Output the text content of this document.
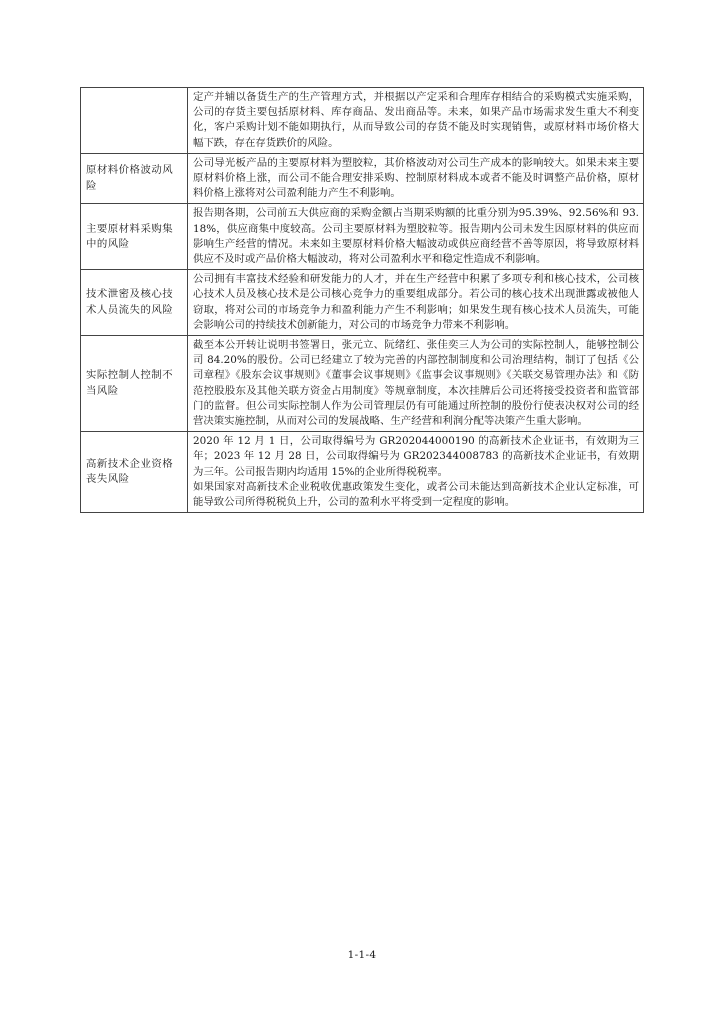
	定产并辅以备货生产的生产管理方式，并根据以产定采和合理库存相结合的采购模式实施采购，公司的存货主要包括原材料、库存商品、发出商品等。未来，如果产品市场需求发生重大不利变化，客户采购计划不能如期执行，从而导致公司的存货不能及时实现销售，或原材料市场价格大幅下跌，存在存货跌价的风险。

原材料价格波动风险	公司导光板产品的主要原材料为塑胶粒，其价格波动对公司生产成本的影响较大。如果未来主要原材料价格上涨，而公司不能合理安排采购、控制原材料成本或者不能及时调整产品价格，原材料价格上涨将对公司盈利能力产生不利影响。

主要原材料采购集中的风险	报告期各期，公司前五大供应商的采购金额占当期采购额的比重分别为95.39%、92.56%和 93.18%，供应商集中度较高。公司主要原材料为塑胶粒等。报告期内公司未发生因原材料的供应而影响生产经营的情况。未来如主要原材料价格大幅波动或供应商经营不善等原因，将导致原材料供应不及时或产品价格大幅波动，将对公司盈利水平和稳定性造成不利影响。

技术泄密及核心技术人员流失的风险	公司拥有丰富技术经验和研发能力的人才，并在生产经营中积累了多项专利和核心技术，公司核心技术人员及核心技术是公司核心竞争力的重要组成部分。若公司的核心技术出现泄露或被他人窃取，将对公司的市场竞争力和盈利能力产生不利影响；如果发生现有核心技术人员流失，可能会影响公司的持续技术创新能力，对公司的市场竞争力带来不利影响。

实际控制人控制不当风险	截至本公开转让说明书签署日，张元立、阮绪红、张佳奕三人为公司的实际控制人，能够控制公司 84.20%的股份。公司已经建立了较为完善的内部控制制度和公司治理结构，制订了包括《公司章程》《股东会议事规则》《董事会议事规则》《监事会议事规则》《关联交易管理办法》和《防范控股股东及其他关联方资金占用制度》等规章制度，本次挂牌后公司还将接受投资者和监管部门的监督。但公司实际控制人作为公司管理层仍有可能通过所控制的股份行使表决权对公司的经营决策实施控制，从而对公司的发展战略、生产经营和利润分配等决策产生重大影响。

高新技术企业资格丧失风险	2020 年 12 月 1 日，公司取得编号为 GR202044000190 的高新技术企业证书，有效期为三年；2023 年 12 月 28 日，公司取得编号为 GR202344008783 的高新技术企业证书，有效期为三年。公司报告期内均适用 15%的企业所得税税率。
如果国家对高新技术企业税收优惠政策发生变化，或者公司未能达到高新技术企业认定标准，可能导致公司所得税税负上升，公司的盈利水平将受到一定程度的影响。
1-1-4
